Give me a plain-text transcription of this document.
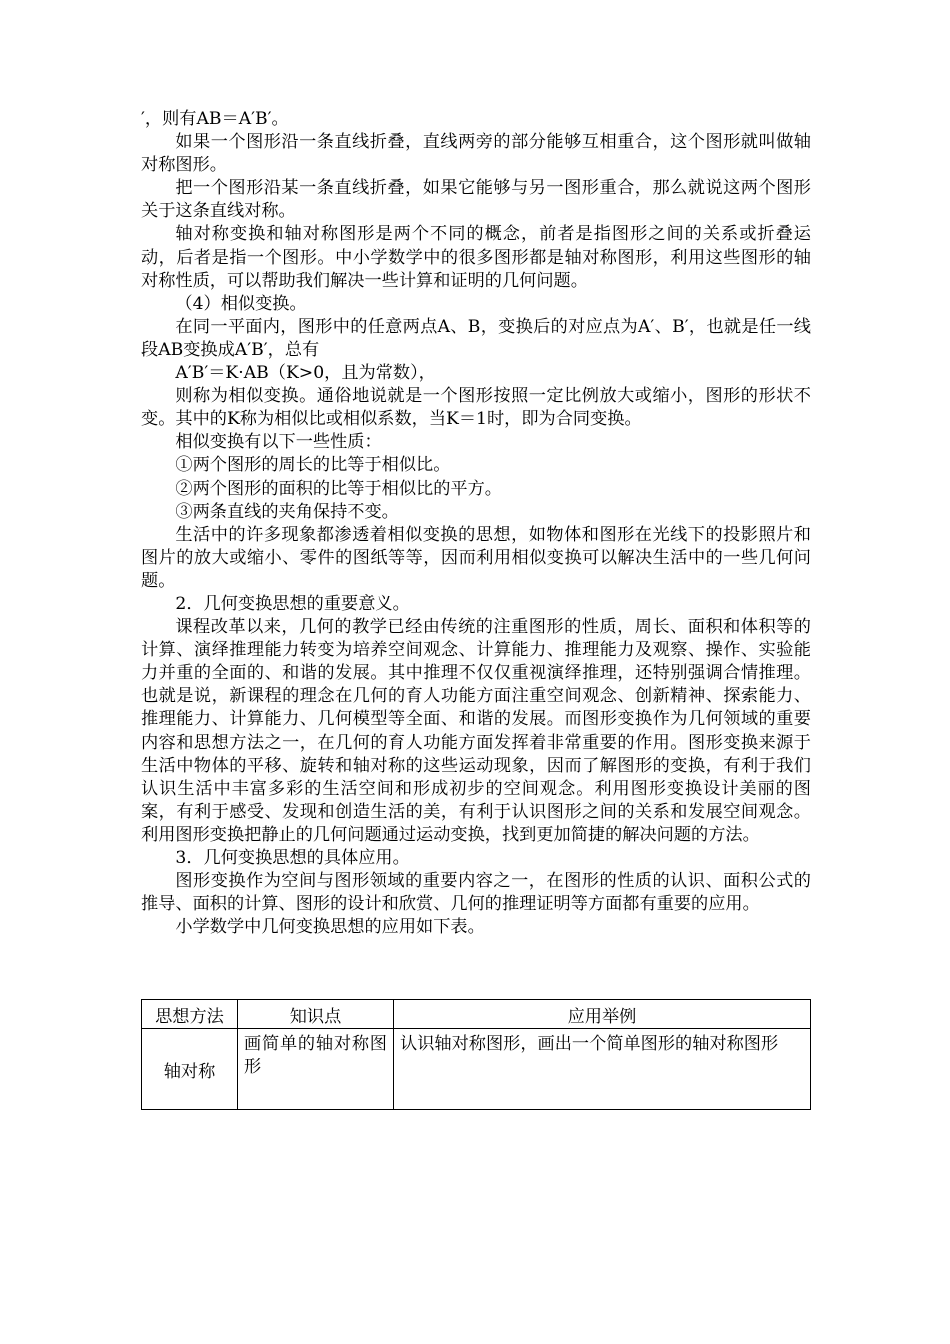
′，则有AB＝A′B′。

如果一个图形沿一条直线折叠，直线两旁的部分能够互相重合，这个图形就叫做轴对称图形。

把一个图形沿某一条直线折叠，如果它能够与另一图形重合，那么就说这两个图形关于这条直线对称。

轴对称变换和轴对称图形是两个不同的概念，前者是指图形之间的关系或折叠运动，后者是指一个图形。中小学数学中的很多图形都是轴对称图形，利用这些图形的轴对称性质，可以帮助我们解决一些计算和证明的几何问题。

（4）相似变换。

在同一平面内，图形中的任意两点A、B，变换后的对应点为A′、B′，也就是任一线段AB变换成A′B′，总有

A′B′＝K·AB（K>0，且为常数），

则称为相似变换。通俗地说就是一个图形按照一定比例放大或缩小，图形的形状不变。其中的K称为相似比或相似系数，当K＝1时，即为合同变换。

相似变换有以下一些性质：

①两个图形的周长的比等于相似比。

②两个图形的面积的比等于相似比的平方。

③两条直线的夹角保持不变。

生活中的许多现象都渗透着相似变换的思想，如物体和图形在光线下的投影照片和图片的放大或缩小、零件的图纸等等，因而利用相似变换可以解决生活中的一些几何问题。

2．几何变换思想的重要意义。

课程改革以来，几何的教学已经由传统的注重图形的性质，周长、面积和体积等的计算、演绎推理能力转变为培养空间观念、计算能力、推理能力及观察、操作、实验能力并重的全面的、和谐的发展。其中推理不仅仅重视演绎推理，还特别强调合情推理。也就是说，新课程的理念在几何的育人功能方面注重空间观念、创新精神、探索能力、推理能力、计算能力、几何模型等全面、和谐的发展。而图形变换作为几何领域的重要内容和思想方法之一，在几何的育人功能方面发挥着非常重要的作用。图形变换来源于生活中物体的平移、旋转和轴对称的这些运动现象，因而了解图形的变换，有利于我们认识生活中丰富多彩的生活空间和形成初步的空间观念。利用图形变换设计美丽的图案，有利于感受、发现和创造生活的美，有利于认识图形之间的关系和发展空间观念。利用图形变换把静止的几何问题通过运动变换，找到更加简捷的解决问题的方法。

3．几何变换思想的具体应用。

图形变换作为空间与图形领域的重要内容之一，在图形的性质的认识、面积公式的推导、面积的计算、图形的设计和欣赏、几何的推理证明等方面都有重要的应用。

小学数学中几何变换思想的应用如下表。

思想方法	知识点	应用举例
轴对称	画简单的轴对称图形	认识轴对称图形，画出一个简单图形的轴对称图形
